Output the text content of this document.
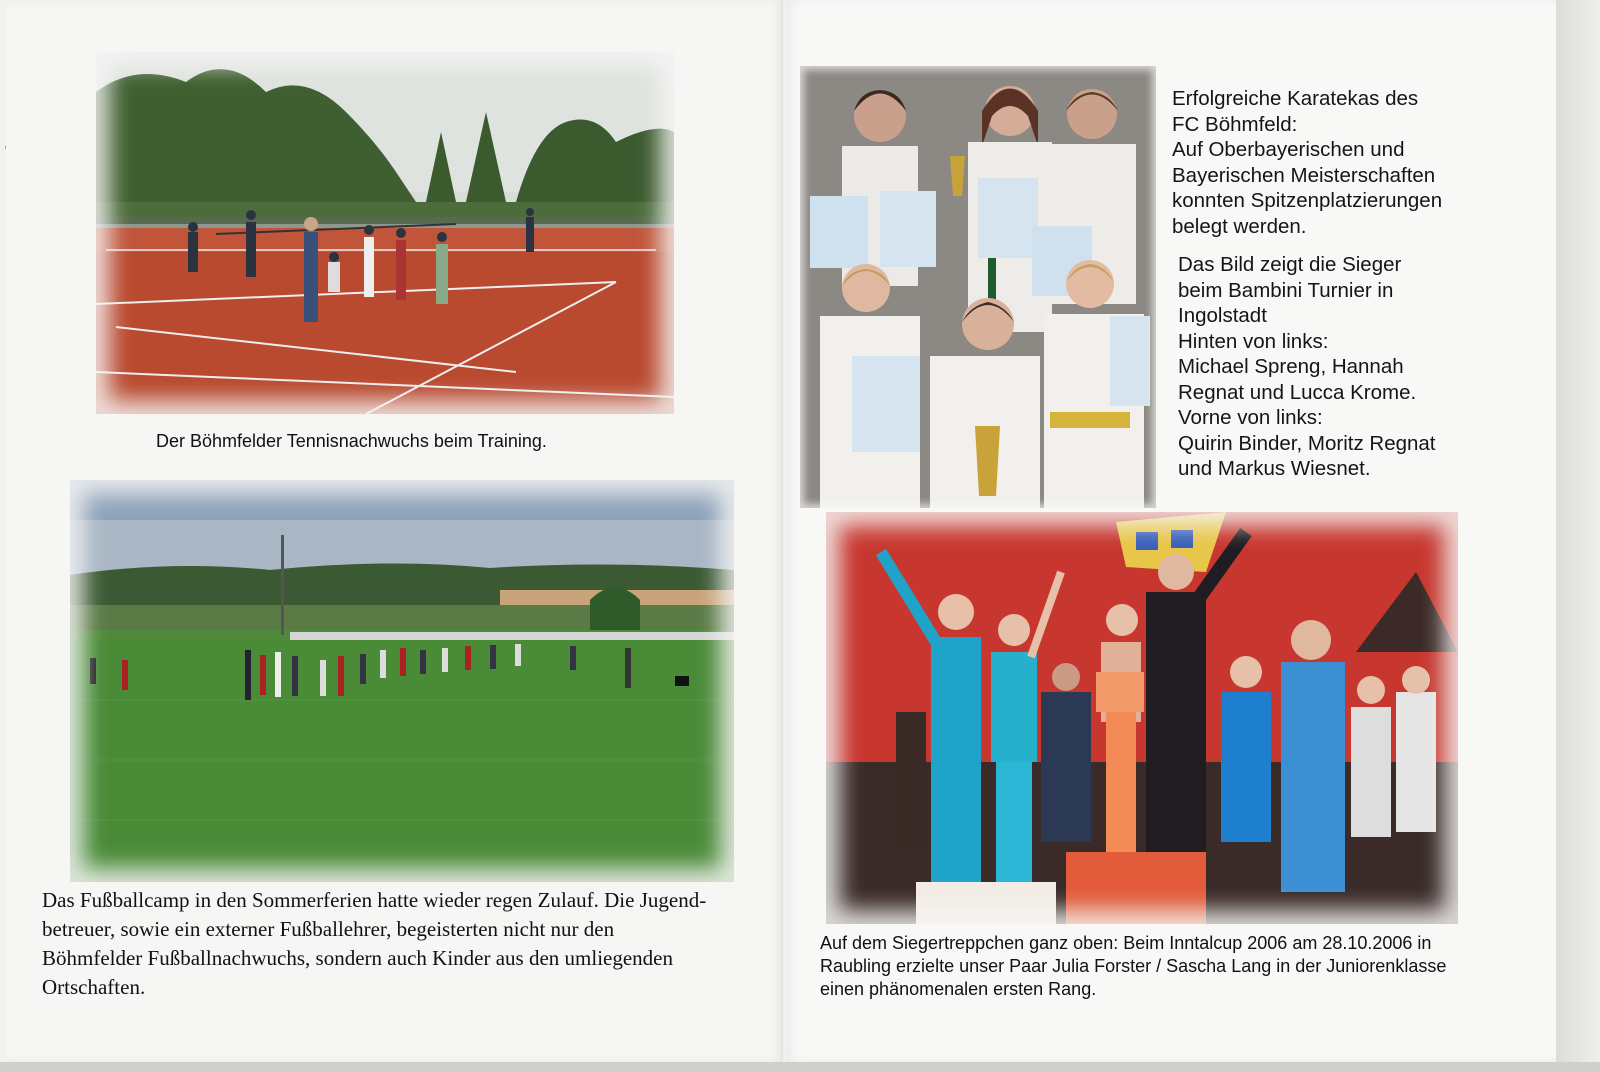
Der Böhmfelder Tennisnachwuchs beim Training.

Das Fußballcamp in den Sommerferien hatte wieder regen Zulauf. Die Jugend-
betreuer, sowie ein externer Fußballehrer, begeisterten nicht nur den
Böhmfelder Fußballnachwuchs, sondern auch Kinder aus den umliegenden
Ortschaften.
Erfolgreiche Karatekas des
FC Böhmfeld:
Auf Oberbayerischen und
Bayerischen Meisterschaften
konnten Spitzenplatzierungen
belegt werden.
Das Bild zeigt die Sieger
beim Bambini Turnier in
Ingolstadt
Hinten von links:
Michael Spreng, Hannah
Regnat und Lucca Krome.
Vorne von links:
Quirin Binder, Moritz Regnat
und Markus Wiesnet.
Auf dem Siegertreppchen ganz oben: Beim Inntalcup 2006 am 28.10.2006 in
Raubling erzielte unser Paar Julia Forster / Sascha Lang in der Juniorenklasse
einen phänomenalen ersten Rang.
